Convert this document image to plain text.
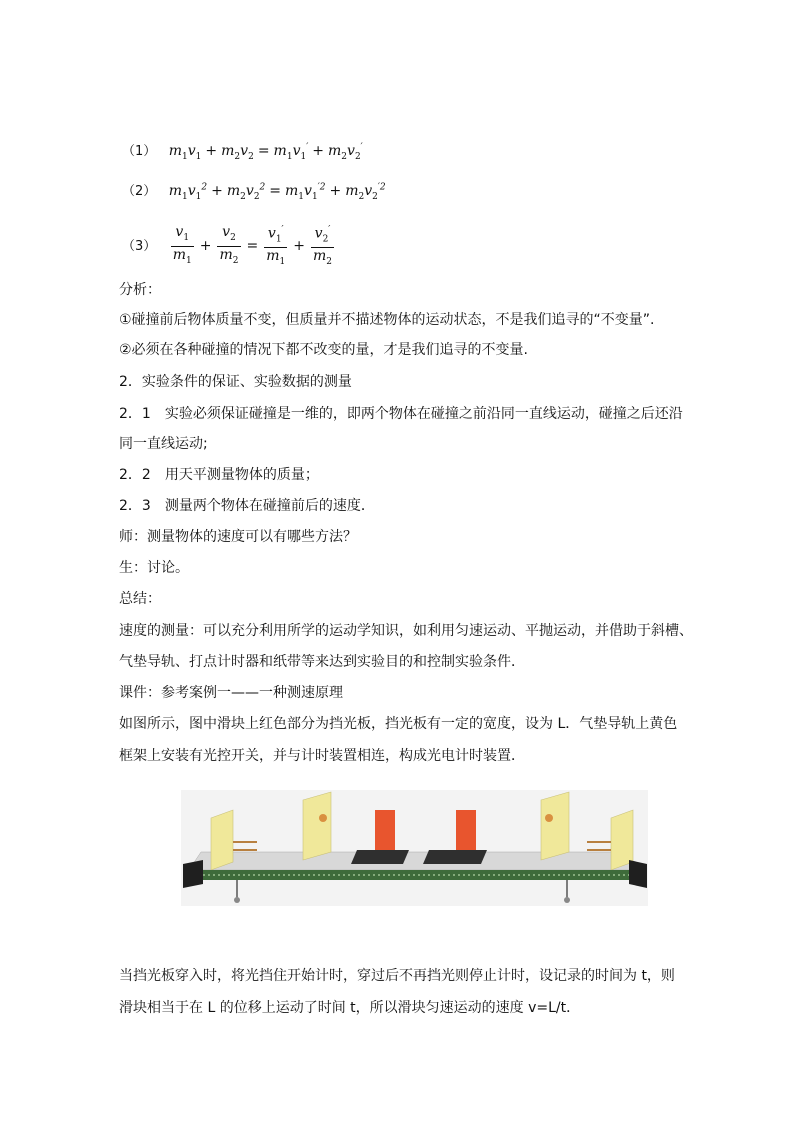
（1） $m_1v_1 + m_2v_2 = m_1v_1' + m_2v_2'$
（2） $m_1v_1^2 + m_2v_2^2 = m_1v_1^{'2} + m_2v_2^{'2}$
$(3) \frac{v_1}{m_1} + \frac{v_2}{m_2} = \frac{v_1'}{m_1} + \frac{v_2'}{m_2}$
分析：
①碰撞前后物体质量不变，但质量并不描述物体的运动状态，不是我们追寻的“不变量”.
②必须在各种碰撞的情况下都不改变的量，才是我们追寻的不变量.
2．实验条件的保证、实验数据的测量
2．1　实验必须保证碰撞是一维的，即两个物体在碰撞之前沿同一直线运动，碰撞之后还沿
同一直线运动;
2．2　用天平测量物体的质量；
2．3　测量两个物体在碰撞前后的速度．
师：测量物体的速度可以有哪些方法？
生：讨论。
总结：
速度的测量：可以充分利用所学的运动学知识，如利用匀速运动、平抛运动，并借助于斜槽、
气垫导轨、打点计时器和纸带等来达到实验目的和控制实验条件．
课件：参考案例一——一种测速原理
如图所示，图中滑块上红色部分为挡光板，挡光板有一定的宽度，设为 L．气垫导轨上黄色
框架上安装有光控开关，并与计时装置相连，构成光电计时装置．
当挡光板穿入时，将光挡住开始计时，穿过后不再挡光则停止计时，设记录的时间为 t，则
滑块相当于在 L 的位移上运动了时间 t，所以滑块匀速运动的速度 v=L/t．
